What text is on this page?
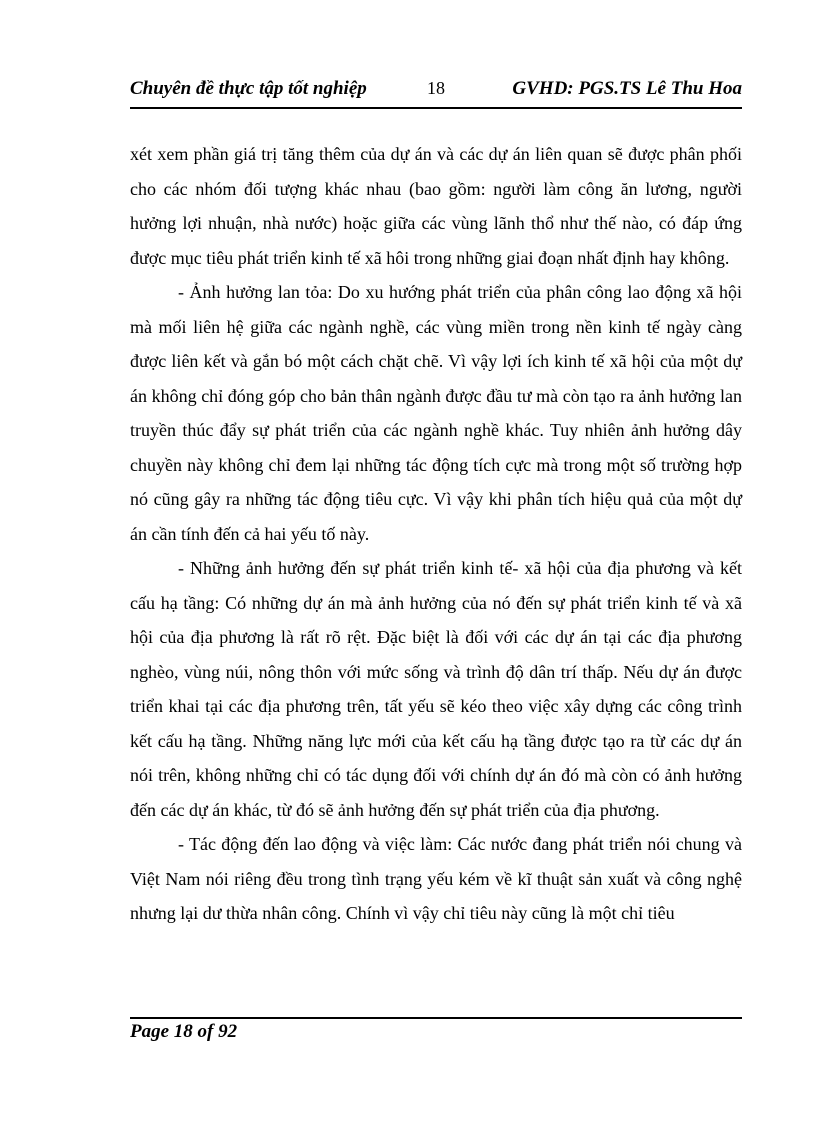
Chuyên đề thực tập tốt nghiệp	18	GVHD: PGS.TS Lê Thu Hoa

xét xem phần giá trị tăng thêm của dự án và các dự án liên quan sẽ được phân phối cho các nhóm đối tượng khác nhau (bao gồm: người làm công ăn lương, người hưởng lợi nhuận, nhà nước) hoặc giữa các vùng lãnh thổ như thế nào, có đáp ứng được mục tiêu phát triển kinh tế xã hôi trong những giai đoạn nhất định hay không.

- Ảnh hưởng lan tỏa: Do xu hướng phát triển của phân công lao động xã hội mà mối liên hệ giữa các ngành nghề, các vùng miền trong nền kinh tế ngày càng được liên kết và gắn bó một cách chặt chẽ. Vì vậy lợi ích kinh tế xã hội của một dự án không chỉ đóng góp cho bản thân ngành được đầu tư mà còn tạo ra ảnh hưởng lan truyền thúc đẩy sự phát triển của các ngành nghề khác. Tuy nhiên ảnh hưởng dây chuyền này không chỉ đem lại những tác động tích cực mà trong một số trường hợp nó cũng gây ra những tác động tiêu cực. Vì vậy khi phân tích hiệu quả của một dự án cần tính đến cả hai yếu tố này.

- Những ảnh hưởng đến sự phát triển kinh tế- xã hội của địa phương và kết cấu hạ tầng: Có những dự án mà ảnh hưởng của nó đến sự phát triển kinh tế và xã hội của địa phương là rất rõ rệt. Đặc biệt là đối với các dự án tại các địa phương nghèo, vùng núi, nông thôn với mức sống và trình độ dân trí thấp. Nếu dự án được triển khai tại các địa phương trên, tất yếu sẽ kéo theo việc xây dựng các công trình kết cấu hạ tầng. Những năng lực mới của kết cấu hạ tầng được tạo ra từ các dự án nói trên, không những chỉ có tác dụng đối với chính dự án đó mà còn có ảnh hưởng đến các dự án khác, từ đó sẽ ảnh hưởng đến sự phát triển của địa phương.

- Tác động đến lao động và việc làm: Các nước đang phát triển nói chung và Việt Nam nói riêng đều trong tình trạng yếu kém về kĩ thuật sản xuất và công nghệ nhưng lại dư thừa nhân công. Chính vì vậy chỉ tiêu này cũng là một chỉ tiêu

Page 18 of 92
